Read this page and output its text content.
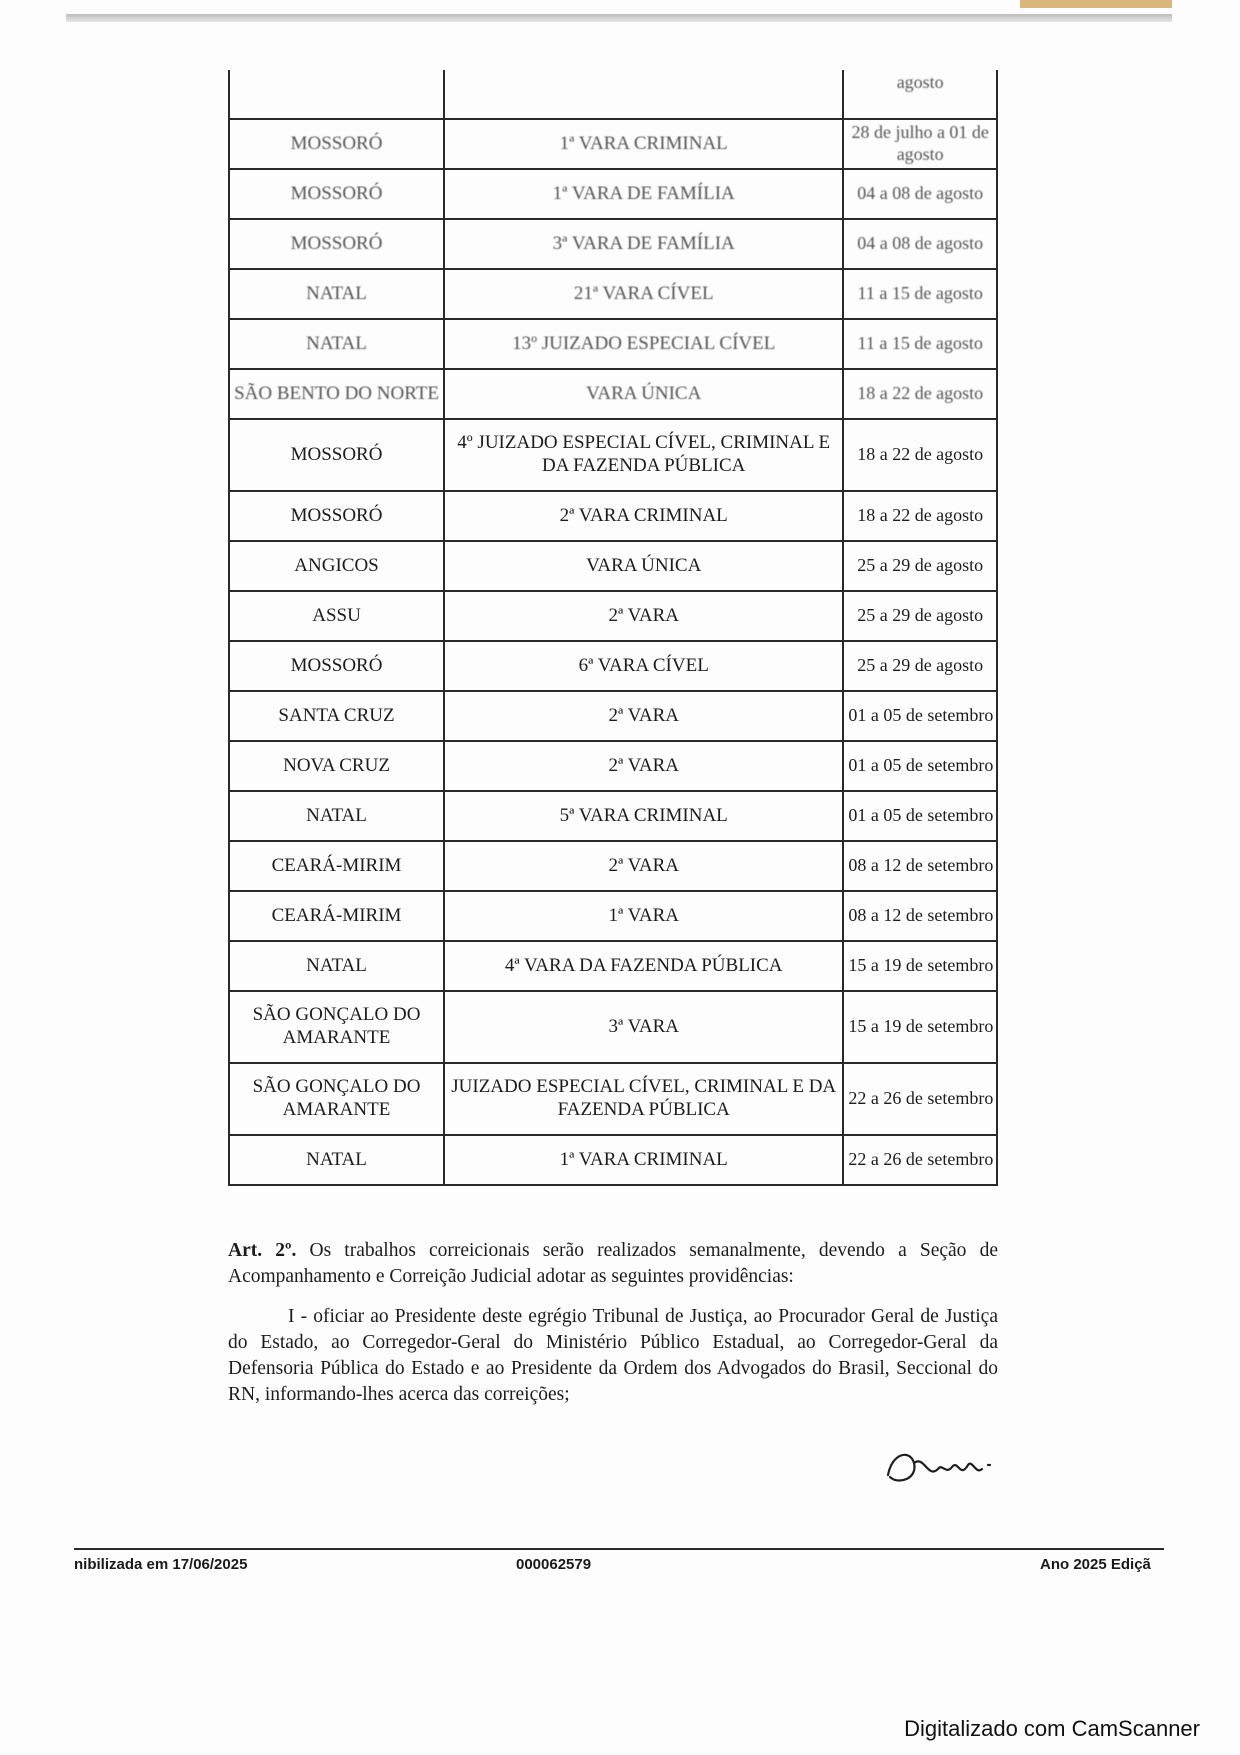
		agosto
MOSSORÓ	1ª VARA CRIMINAL	28 de julho a 01 de agosto
MOSSORÓ	1ª VARA DE FAMÍLIA	04 a 08 de agosto
MOSSORÓ	3ª VARA DE FAMÍLIA	04 a 08 de agosto
NATAL	21ª VARA CÍVEL	11 a 15 de agosto
NATAL	13º JUIZADO ESPECIAL CÍVEL	11 a 15 de agosto
SÃO BENTO DO NORTE	VARA ÚNICA	18 a 22 de agosto
MOSSORÓ	4º JUIZADO ESPECIAL CÍVEL, CRIMINAL E DA FAZENDA PÚBLICA	18 a 22 de agosto
MOSSORÓ	2ª VARA CRIMINAL	18 a 22 de agosto
ANGICOS	VARA ÚNICA	25 a 29 de agosto
ASSU	2ª VARA	25 a 29 de agosto
MOSSORÓ	6ª VARA CÍVEL	25 a 29 de agosto
SANTA CRUZ	2ª VARA	01 a 05 de setembro
NOVA CRUZ	2ª VARA	01 a 05 de setembro
NATAL	5ª VARA CRIMINAL	01 a 05 de setembro
CEARÁ-MIRIM	2ª VARA	08 a 12 de setembro
CEARÁ-MIRIM	1ª VARA	08 a 12 de setembro
NATAL	4ª VARA DA FAZENDA PÚBLICA	15 a 19 de setembro
SÃO GONÇALO DO AMARANTE	3ª VARA	15 a 19 de setembro
SÃO GONÇALO DO AMARANTE	JUIZADO ESPECIAL CÍVEL, CRIMINAL E DA FAZENDA PÚBLICA	22 a 26 de setembro
NATAL	1ª VARA CRIMINAL	22 a 26 de setembro

Art. 2º. Os trabalhos correicionais serão realizados semanalmente, devendo a Seção de Acompanhamento e Correição Judicial adotar as seguintes providências:

I - oficiar ao Presidente deste egrégio Tribunal de Justiça, ao Procurador Geral de Justiça do Estado, ao Corregedor-Geral do Ministério Público Estadual, ao Corregedor-Geral da Defensoria Pública do Estado e ao Presidente da Ordem dos Advogados do Brasil, Seccional do RN, informando-lhes acerca das correições;

nibilizada em 17/06/2025	000062579	Ano 2025 Ediçã
Digitalizado com CamScanner
